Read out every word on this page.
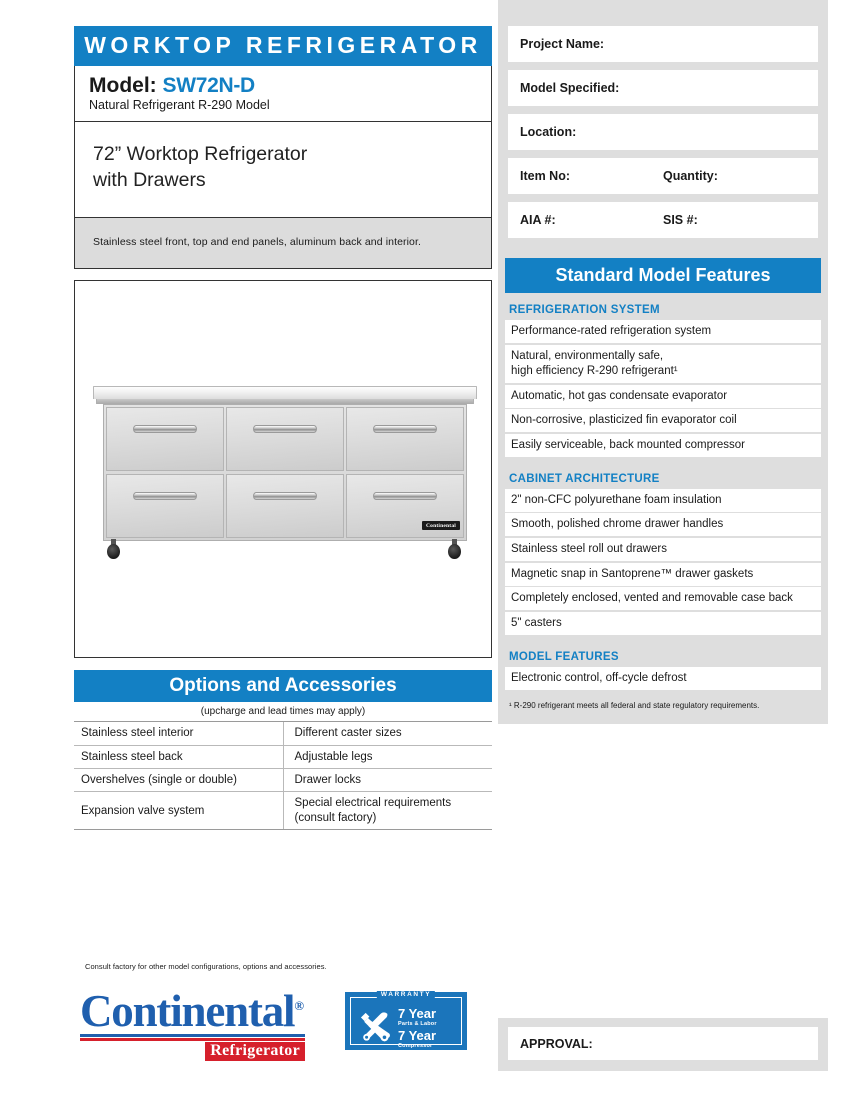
WORKTOP REFRIGERATOR
Model: SW72N-D
Natural Refrigerant R-290 Model
72” Worktop Refrigerator
with Drawers
Stainless steel front, top and end panels, aluminum back and interior.
Continental
Options and Accessories
(upcharge and lead times may apply)
Stainless steel interior	Different caster sizes
Stainless steel back	Adjustable legs
Overshelves (single or double)	Drawer locks
Expansion valve system	Special electrical requirements
(consult factory)
Consult factory for other model configurations, options and accessories.
Continental®
Refrigerator
WARRANTY
7 Year
Parts & Labor
7 Year
Compressor
Project Name:
Model Specified:
Location:
Item No:	Quantity:
AIA #:	SIS #:
Standard Model Features
REFRIGERATION SYSTEM
Performance-rated refrigeration system
Natural, environmentally safe,
high efficiency R-290 refrigerant¹
Automatic, hot gas condensate evaporator
Non-corrosive, plasticized fin evaporator coil
Easily serviceable, back mounted compressor
CABINET ARCHITECTURE
2" non-CFC polyurethane foam insulation
Smooth, polished chrome drawer handles
Stainless steel roll out drawers
Magnetic snap in Santoprene™ drawer gaskets
Completely enclosed, vented and removable case back
5" casters
MODEL FEATURES
Electronic control, off-cycle defrost
¹ R-290 refrigerant meets all federal and state regulatory requirements.
APPROVAL:
